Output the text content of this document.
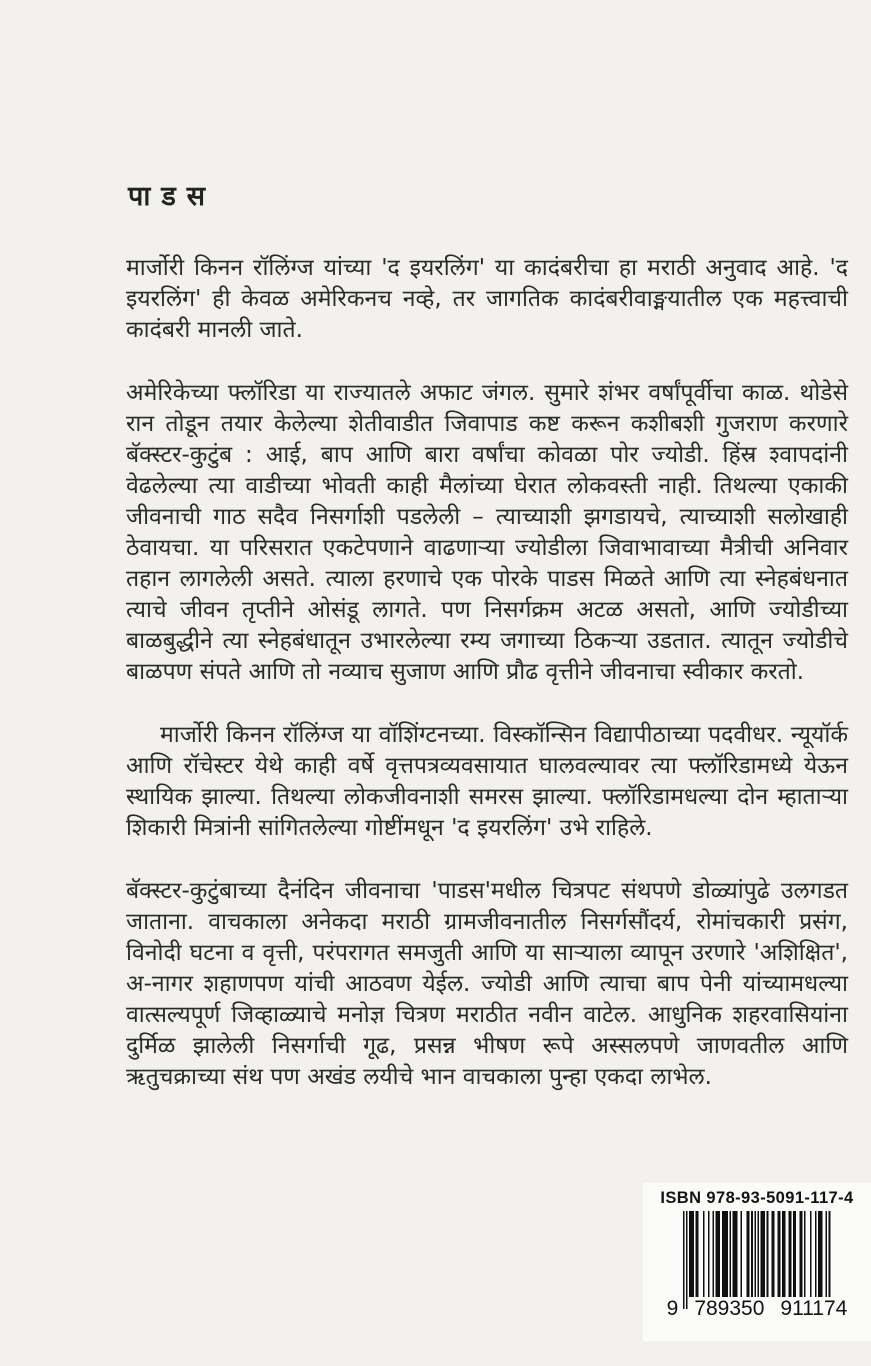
पाडस

मार्जोरी किनन रॉलिंग्ज यांच्या 'द इयरलिंग' या कादंबरीचा हा मराठी अनुवाद आहे. 'द इयरलिंग' ही केवळ अमेरिकनच नव्हे, तर जागतिक कादंबरीवाङ्मयातील एक महत्त्वाची कादंबरी मानली जाते.

अमेरिकेच्या फ्लॉरिडा या राज्यातले अफाट जंगल. सुमारे शंभर वर्षांपूर्वीचा काळ. थोडेसे रान तोडून तयार केलेल्या शेतीवाडीत जिवापाड कष्ट करून कशीबशी गुजराण करणारे बॅक्स्टर-कुटुंब : आई, बाप आणि बारा वर्षांचा कोवळा पोर ज्योडी. हिंस्र श्वापदांनी वेढलेल्या त्या वाडीच्या भोवती काही मैलांच्या घेरात लोकवस्ती नाही. तिथल्या एकाकी जीवनाची गाठ सदैव निसर्गाशी पडलेली – त्याच्याशी झगडायचे, त्याच्याशी सलोखाही ठेवायचा. या परिसरात एकटेपणाने वाढणाऱ्या ज्योडीला जिवाभावाच्या मैत्रीची अनिवार तहान लागलेली असते. त्याला हरणाचे एक पोरके पाडस मिळते आणि त्या स्नेहबंधनात त्याचे जीवन तृप्तीने ओसंडू लागते. पण निसर्गक्रम अटळ असतो, आणि ज्योडीच्या बाळबुद्धीने त्या स्नेहबंधातून उभारलेल्या रम्य जगाच्या ठिकऱ्या उडतात. त्यातून ज्योडीचे बाळपण संपते आणि तो नव्याच सुजाण आणि प्रौढ वृत्तीने जीवनाचा स्वीकार करतो.

मार्जोरी किनन रॉलिंग्ज या वॉशिंग्टनच्या. विस्कॉन्सिन विद्यापीठाच्या पदवीधर. न्यूयॉर्क आणि रॉचेस्टर येथे काही वर्षे वृत्तपत्रव्यवसायात घालवल्यावर त्या फ्लॉरिडामध्ये येऊन स्थायिक झाल्या. तिथल्या लोकजीवनाशी समरस झाल्या. फ्लॉरिडामधल्या दोन म्हाताऱ्या शिकारी मित्रांनी सांगितलेल्या गोष्टींमधून 'द इयरलिंग' उभे राहिले.

बॅक्स्टर-कुटुंबाच्या दैनंदिन जीवनाचा 'पाडस'मधील चित्रपट संथपणे डोळ्यांपुढे उलगडत जाताना. वाचकाला अनेकदा मराठी ग्रामजीवनातील निसर्गसौंदर्य, रोमांचकारी प्रसंग, विनोदी घटना व वृत्ती, परंपरागत समजुती आणि या साऱ्याला व्यापून उरणारे 'अशिक्षित', अ-नागर शहाणपण यांची आठवण येईल. ज्योडी आणि त्याचा बाप पेनी यांच्यामधल्या वात्सल्यपूर्ण जिव्हाळ्याचे मनोज्ञ चित्रण मराठीत नवीन वाटेल. आधुनिक शहरवासियांना दुर्मिळ झालेली निसर्गाची गूढ, प्रसन्न भीषण रूपे अस्सलपणे जाणवतील आणि ऋतुचक्राच्या संथ पण अखंड लयीचे भान वाचकाला पुन्हा एकदा लाभेल.

ISBN 978-93-5091-117-4
9 789350 911174
